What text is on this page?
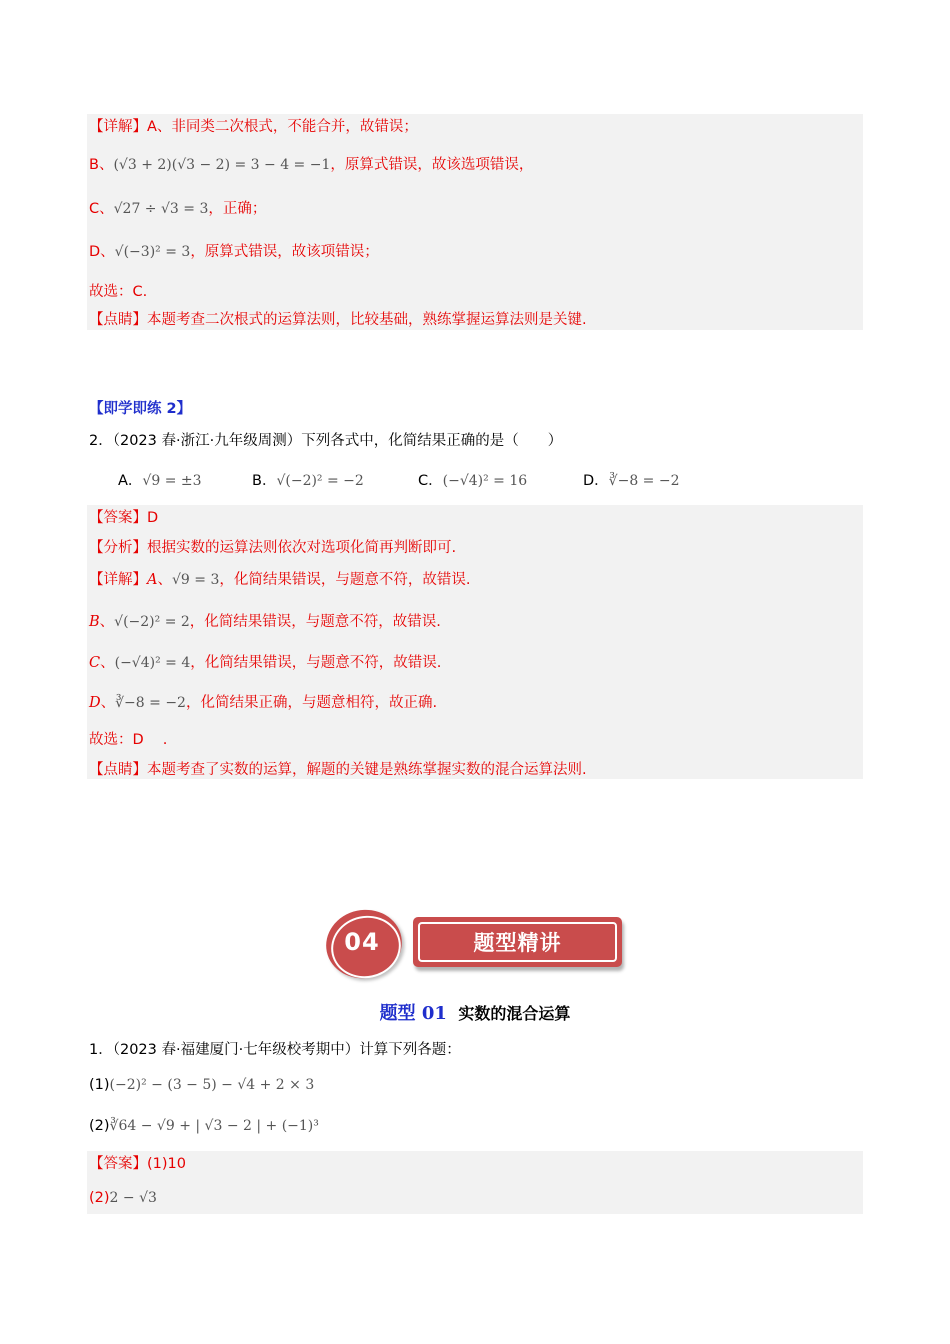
【详解】A、非同类二次根式，不能合并，故错误；
B、(√3 + 2)(√3 − 2) = 3 − 4 = −1，原算式错误，故该选项错误，
C、√27 ÷ √3 = 3，正确；
D、√(−3)² = 3，原算式错误，故该项错误；
故选：C.
【点睛】本题考查二次根式的运算法则，比较基础，熟练掌握运算法则是关键.
【即学即练 2】
2．（2023 春·浙江·九年级周测）下列各式中，化简结果正确的是（　　）
A．√9 = ±3	B．√(−2)² = −2	C．(−√4)² = 16	D．∛−8 = −2
【答案】D
【分析】根据实数的运算法则依次对选项化简再判断即可.
【详解】A、√9 = 3，化简结果错误，与题意不符，故错误.
B、√(−2)² = 2，化简结果错误，与题意不符，故错误.
C、(−√4)² = 4，化简结果错误，与题意不符，故错误.
D、∛−8 = −2，化简结果正确，与题意相符，故正确.
故选：D　 .
【点睛】本题考查了实数的运算，解题的关键是熟练掌握实数的混合运算法则.
04	题型精讲
题型 01 实数的混合运算
1．（2023 春·福建厦门·七年级校考期中）计算下列各题：
(1)(−2)² − (3 − 5) − √4 + 2 × 3
(2)∛64 − √9 + | √3 − 2 | + (−1)³
【答案】(1)10
(2)2 − √3
